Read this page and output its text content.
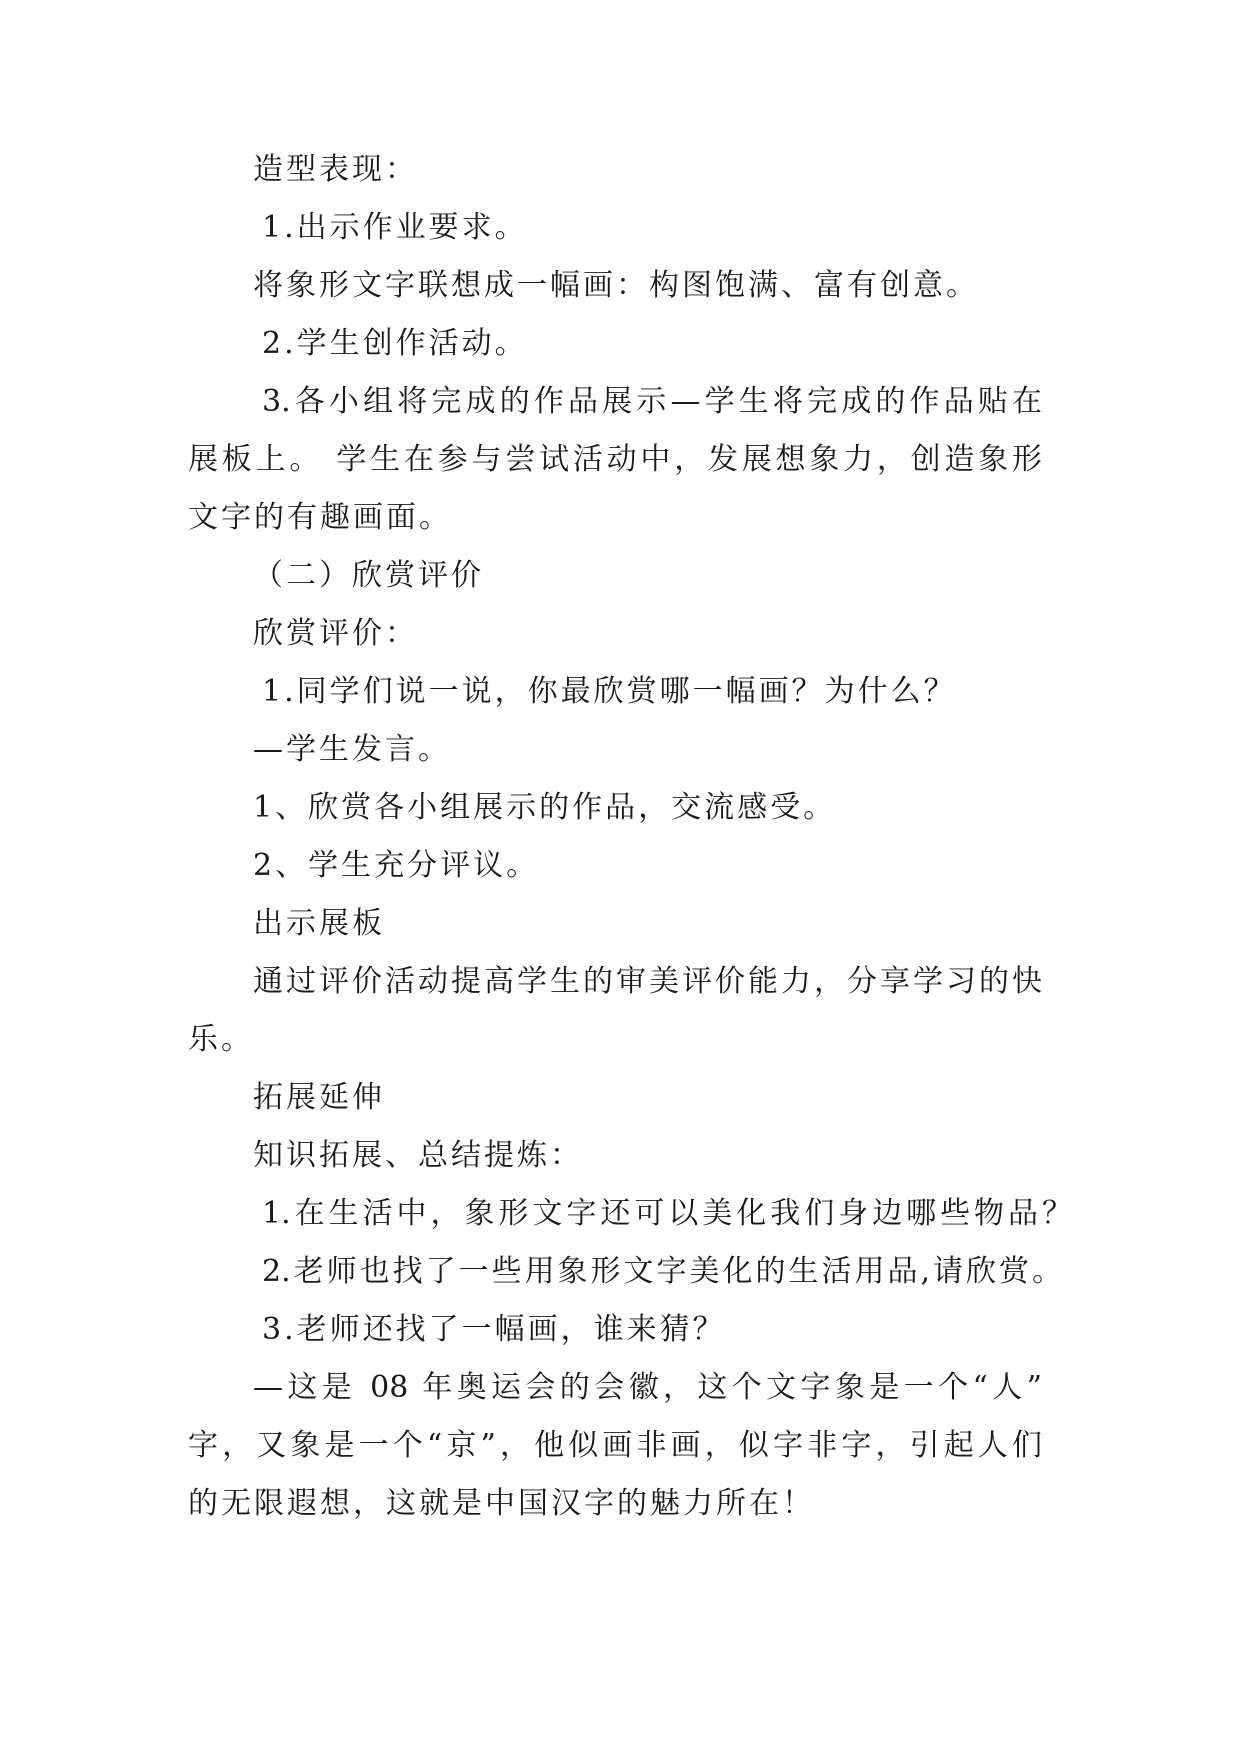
造型表现：
1.出示作业要求。
将象形文字联想成一幅画：构图饱满、富有创意。
2.学生创作活动。
3.各小组将完成的作品展示—学生将完成的作品贴在
展板上。 学生在参与尝试活动中，发展想象力，创造象形
文字的有趣画面。
（二）欣赏评价
欣赏评价：
1.同学们说一说，你最欣赏哪一幅画？为什么？
—学生发言。
1、欣赏各小组展示的作品，交流感受。
2、学生充分评议。
出示展板
通过评价活动提高学生的审美评价能力，分享学习的快
乐。
拓展延伸
知识拓展、总结提炼：
1.在生活中，象形文字还可以美化我们身边哪些物品？
2.老师也找了一些用象形文字美化的生活用品,请欣赏。
3.老师还找了一幅画，谁来猜？
—这是 08 年奥运会的会徽，这个文字象是一个“人”
字，又象是一个“京”，他似画非画，似字非字，引起人们
的无限遐想，这就是中国汉字的魅力所在！
